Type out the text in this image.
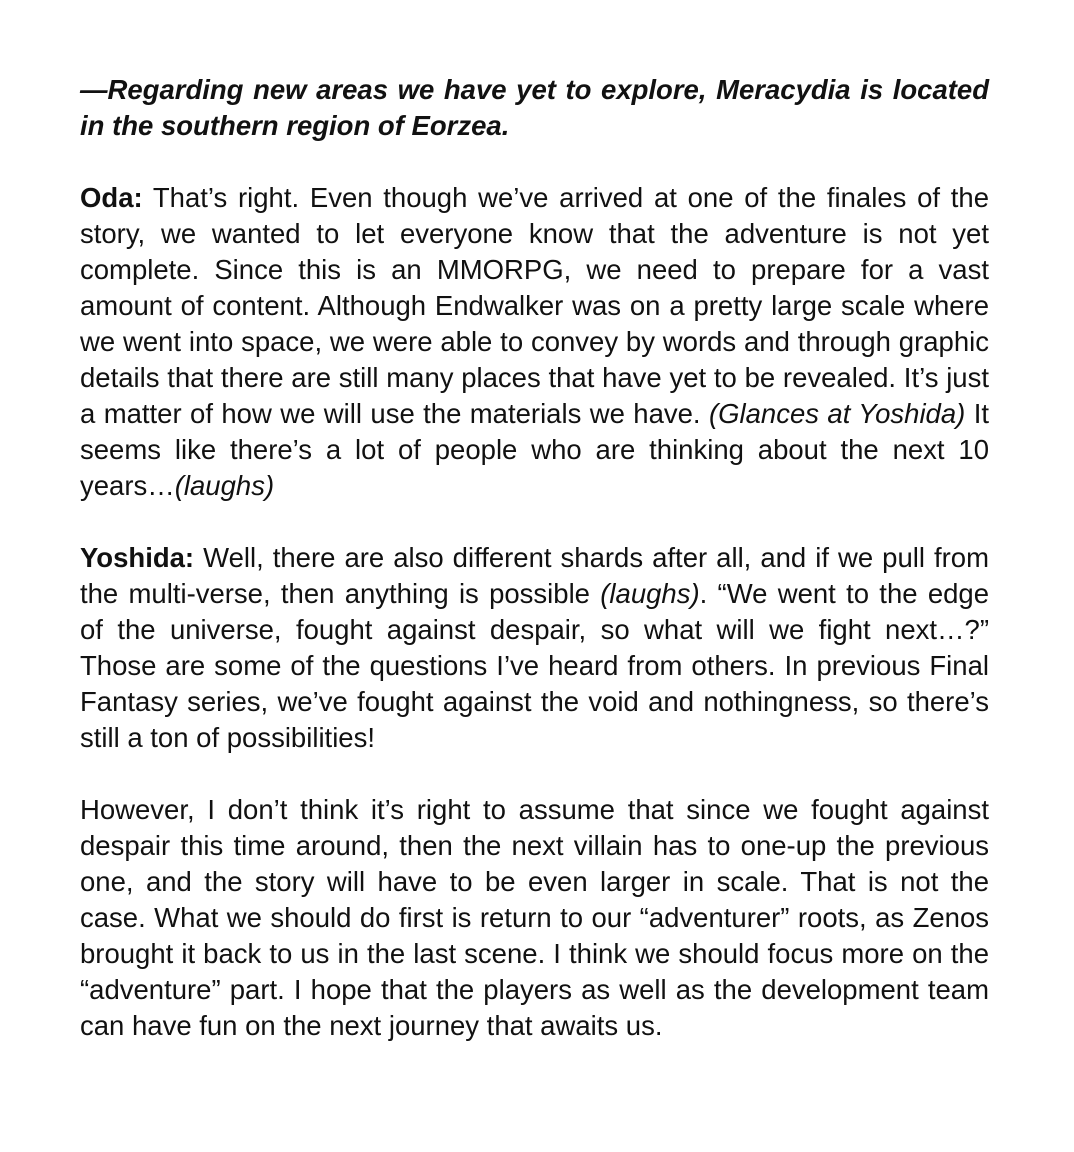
—Regarding new areas we have yet to explore, Meracydia is located in the southern region of Eorzea.

Oda: That’s right. Even though we’ve arrived at one of the finales of the story, we wanted to let everyone know that the adventure is not yet complete. Since this is an MMORPG, we need to prepare for a vast amount of content. Although Endwalker was on a pretty large scale where we went into space, we were able to convey by words and through graphic details that there are still many places that have yet to be revealed. It’s just a matter of how we will use the materials we have. (Glances at Yoshida) It seems like there’s a lot of people who are thinking about the next 10 years…(laughs)

Yoshida: Well, there are also different shards after all, and if we pull from the multi-verse, then anything is possible (laughs). “We went to the edge of the universe, fought against despair, so what will we fight next…?” Those are some of the questions I’ve heard from others. In previous Final Fantasy series, we’ve fought against the void and nothingness, so there’s still a ton of possibilities!

However, I don’t think it’s right to assume that since we fought against despair this time around, then the next villain has to one-up the previous one, and the story will have to be even larger in scale. That is not the case. What we should do first is return to our “adventurer” roots, as Zenos brought it back to us in the last scene. I think we should focus more on the “adventure” part. I hope that the players as well as the development team can have fun on the next journey that awaits us.
